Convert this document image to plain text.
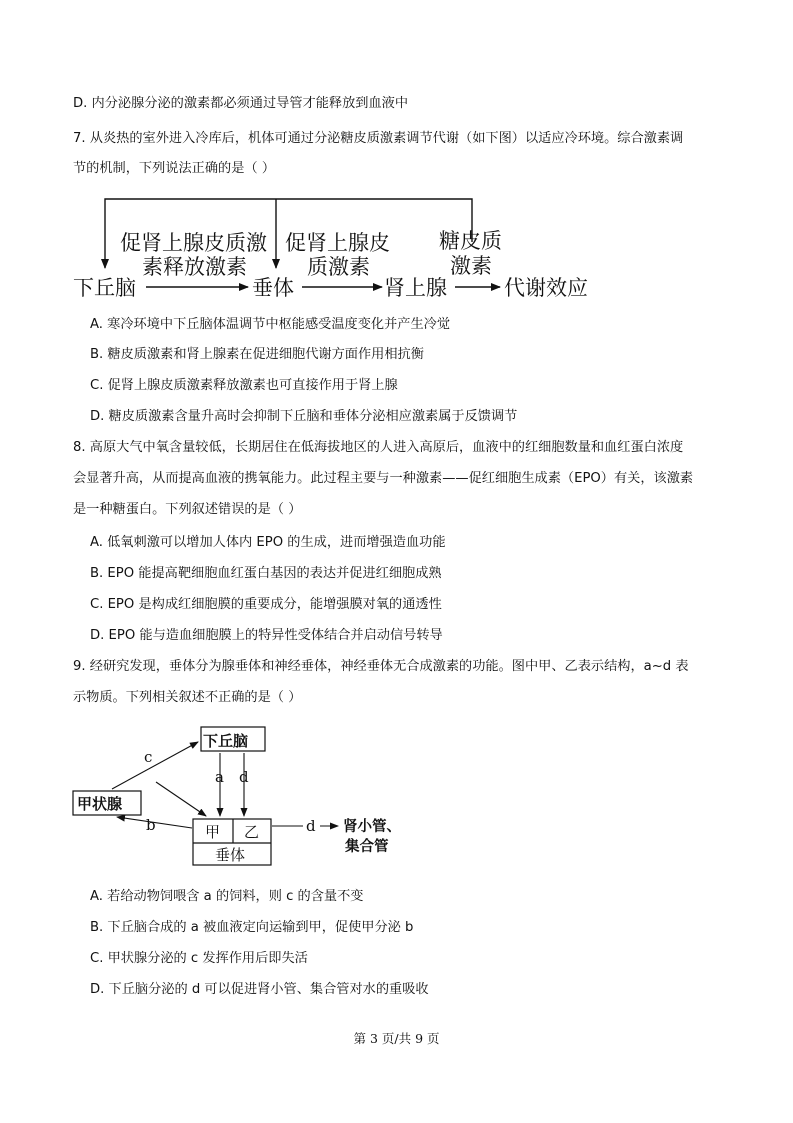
D. 内分泌腺分泌的激素都必须通过导管才能释放到血液中
7. 从炎热的室外进入冷库后，机体可通过分泌糖皮质激素调节代谢（如下图）以适应冷环境。综合激素调
节的机制，下列说法正确的是（ ）
下丘脑	垂体	肾上腺	代谢效应
促肾上腺皮质激
素释放激素
促肾上腺皮
质激素
糖皮质
激素
下丘脑
甲状腺
甲 乙
垂体
c
a d
b	d 肾小管、
集合管
A. 寒冷环境中下丘脑体温调节中枢能感受温度变化并产生冷觉
B. 糖皮质激素和肾上腺素在促进细胞代谢方面作用相抗衡
C. 促肾上腺皮质激素释放激素也可直接作用于肾上腺
D. 糖皮质激素含量升高时会抑制下丘脑和垂体分泌相应激素属于反馈调节
8. 高原大气中氧含量较低，长期居住在低海拔地区的人进入高原后，血液中的红细胞数量和血红蛋白浓度
会显著升高，从而提高血液的携氧能力。此过程主要与一种激素——促红细胞生成素（EPO）有关，该激素
是一种糖蛋白。下列叙述错误的是（ ）
A. 低氧刺激可以增加人体内 EPO 的生成，进而增强造血功能
B. EPO 能提高靶细胞血红蛋白基因的表达并促进红细胞成熟
C. EPO 是构成红细胞膜的重要成分，能增强膜对氧的通透性
D. EPO 能与造血细胞膜上的特异性受体结合并启动信号转导
9. 经研究发现，垂体分为腺垂体和神经垂体，神经垂体无合成激素的功能。图中甲、乙表示结构，a~d 表
示物质。下列相关叙述不正确的是（ ）
A. 若给动物饲喂含 a 的饲料，则 c 的含量不变
B. 下丘脑合成的 a 被血液定向运输到甲，促使甲分泌 b
C. 甲状腺分泌的 c 发挥作用后即失活
D. 下丘脑分泌的 d 可以促进肾小管、集合管对水的重吸收
第 3 页/共 9 页
